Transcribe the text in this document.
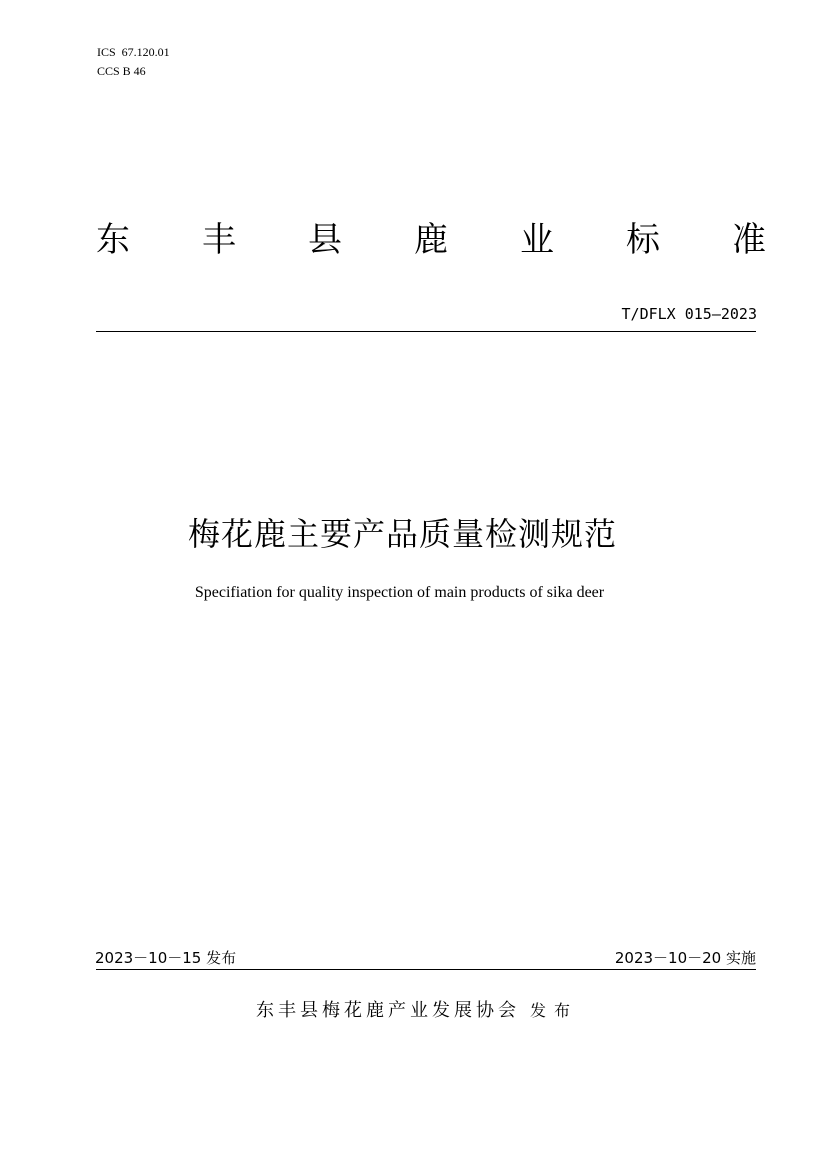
ICS  67.120.01
CCS B 46
东 丰 县 鹿 业 标 准
T/DFLX 015—2023
梅花鹿主要产品质量检测规范
Specifiation for quality inspection of main products of sika deer
2023－10－15 发布	2023－10－20 实施
东丰县梅花鹿产业发展协会 发布
